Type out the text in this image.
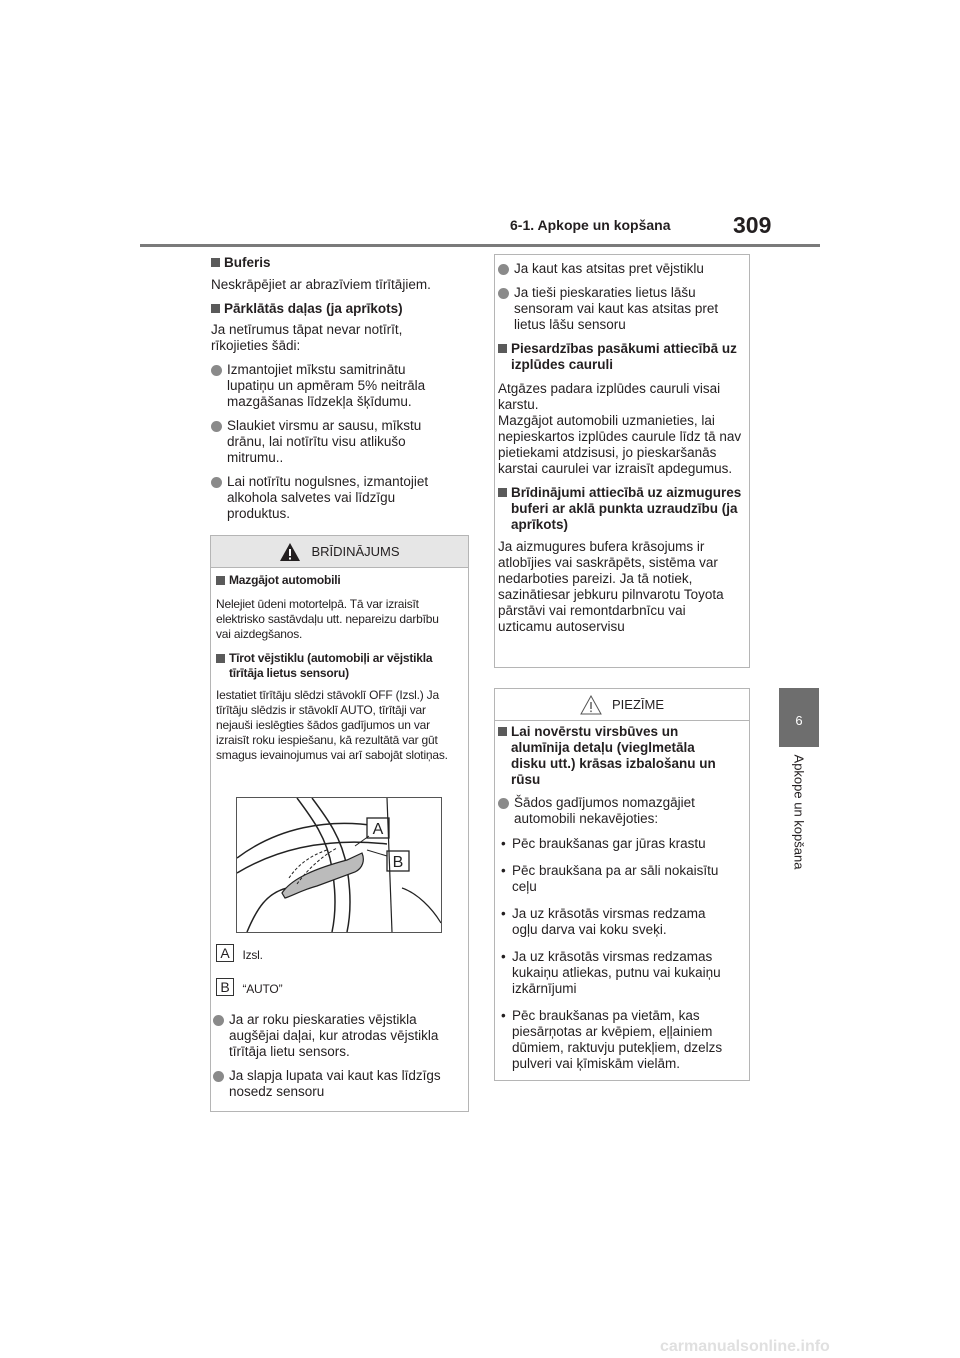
6-1. Apkope un kopšana	309
6
Apkope un kopšana
Buferis

Neskrāpējiet ar abrazīviem tīrītājiem.

Pārklātās daļas (ja aprīkots)

Ja netīrumus tāpat nevar notīrīt, rīkojieties šādi:

Izmantojiet mīkstu samitrinātu lupatiņu un apmēram 5% neitrāla mazgāšanas līdzekļa šķīdumu.
Slaukiet virsmu ar sausu, mīkstu drānu, lai notīrītu visu atlikušo mitrumu..
Lai notīrītu nogulsnes, izmantojiet alkohola salvetes vai līdzīgu produktus.
BRĪDINĀJUMS
Mazgājot automobili

Nelejiet ūdeni motortelpā. Tā var izraisīt elektrisko sastāvdaļu utt. nepareizu darbību vai aizdegšanos.

Tīrot vējstiklu (automobiļi ar vējstikla tīrītāja lietus sensoru)

Iestatiet tīrītāju slēdzi stāvoklī OFF (Izsl.) Ja tīrītāju slēdzis ir stāvoklī AUTO, tīrītāji var nejauši ieslēgties šādos gadījumos un var izraisīt roku iespiešanu, kā rezultātā var gūt smagus ievainojumus vai arī sabojāt slotiņas.

A
B
A $^{Izsl.}$
B $^{“AUTO”}$
Ja ar roku pieskaraties vējstikla augšējai daļai, kur atrodas vējstikla tīrītāja lietu sensors.
Ja slapja lupata vai kaut kas līdzīgs nosedz sensoru
Ja kaut kas atsitas pret vējstiklu
Ja tieši pieskaraties lietus lāšu sensoram vai kaut kas atsitas pret lietus lāšu sensoru
Piesardzības pasākumi attiecībā uz izplūdes cauruli

Atgāzes padara izplūdes cauruli visai karstu.
Mazgājot automobili uzmanieties, lai nepieskartos izplūdes caurule līdz tā nav pietiekami atdzisusi, jo pieskaršanās karstai caurulei var izraisīt apdegumus.

Brīdinājumi attiecībā uz aizmugures buferi ar aklā punkta uzraudzību (ja aprīkots)

Ja aizmugures bufera krāsojums ir atlobījies vai saskrāpēts, sistēma var nedarboties pareizi. Ja tā notiek, sazinātiesar jebkuru pilnvarotu Toyota pārstāvi vai remontdarbnīcu vai uzticamu autoservisu

PIEZĪME
Lai novērstu virsbūves un alumīnija detaļu (vieglmetāla disku utt.) krāsas izbalošanu un rūsu
Šādos gadījumos nomazgājiet automobili nekavējoties:
• Pēc braukšanas gar jūras krastu
• Pēc braukšana pa ar sāli nokaisītu ceļu
• Ja uz krāsotās virsmas redzama ogļu darva vai koku sveķi.
• Ja uz krāsotās virsmas redzamas kukaiņu atliekas, putnu vai kukaiņu izkārnījumi
• Pēc braukšanas pa vietām, kas piesārņotas ar kvēpiem, eļļainiem dūmiem, raktuvju putekļiem, dzelzs pulveri vai ķīmiskām vielām.
carmanualsonline.info
